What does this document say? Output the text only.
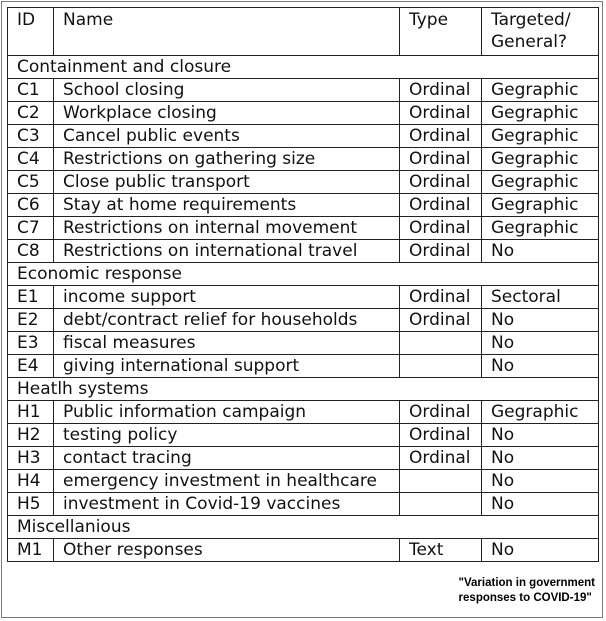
ID	Name	Type	Targeted/ General?
Containment and closure			
C1	School closing	Ordinal	Gegraphic
C2	Workplace closing	Ordinal	Gegraphic
C3	Cancel public events	Ordinal	Gegraphic
C4	Restrictions on gathering size	Ordinal	Gegraphic
C5	Close public transport	Ordinal	Gegraphic
C6	Stay at home requirements	Ordinal	Gegraphic
C7	Restrictions on internal movement	Ordinal	Gegraphic
C8	Restrictions on international travel	Ordinal	No
Economic response			
E1	income support	Ordinal	Sectoral
E2	debt/contract relief for households	Ordinal	No
E3	fiscal measures		No
E4	giving international support		No
Heatlh systems			
H1	Public information campaign	Ordinal	Gegraphic
H2	testing policy	Ordinal	No
H3	contact tracing	Ordinal	No
H4	emergency investment in healthcare		No
H5	investment in Covid-19 vaccines		No
Miscellanious			
M1	Other responses	Text	No
"Variation in government
responses to COVID-19"
